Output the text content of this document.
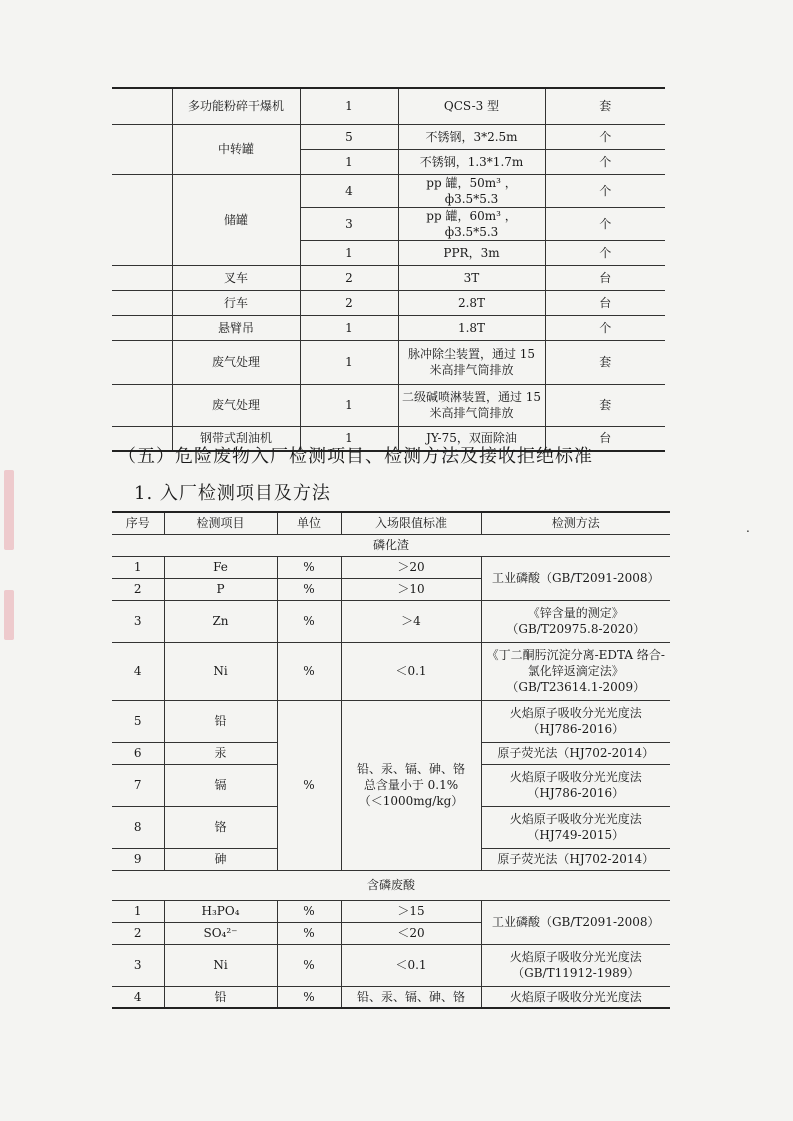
	多功能粉碎干爆机	1	QCS-3 型	套
	中转罐	5	不锈钢，3*2.5m	个
		1	不锈钢，1.3*1.7m	个
	储罐	4	pp 罐，50m³ ，ф3.5*5.3	个
		3	pp 罐，60m³ ，ф3.5*5.3	个
		1	PPR，3m	个
	叉车	2	3T	台
	行车	2	2.8T	台
	悬臂吊	1	1.8T	个
	废气处理	1	脉冲除尘装置，通过 15 米高排气筒排放	套
	废气处理	1	二级碱喷淋装置，通过 15 米高排气筒排放	套
	钢带式刮油机	1	JY-75，双面除油	台
（五）危险废物入厂检测项目、检测方法及接收拒绝标准
1. 入厂检测项目及方法
.
序号	检测项目	单位	入场限值标准	检测方法
磷化渣				
1	Fe	%	＞20	工业磷酸（GB/T2091-2008）
2	P	%	＞10	
3	Zn	%	＞4	《锌含量的测定》（GB/T20975.8-2020）
4	Ni	%	＜0.1	《丁二酮肟沉淀分离-EDTA 络合-氯化锌返滴定法》（GB/T23614.1-2009）
5	铅	%	铅、汞、镉、砷、铬总含量小于 0.1%（＜1000mg/kg）	火焰原子吸收分光光度法（HJ786-2016）
6	汞			原子荧光法（HJ702-2014）
7	镉			火焰原子吸收分光光度法（HJ786-2016）
8	铬			火焰原子吸收分光光度法（HJ749-2015）
9	砷			原子荧光法（HJ702-2014）
含磷废酸				
1	H₃PO₄	%	＞15	工业磷酸（GB/T2091-2008）
2	SO₄²⁻	%	＜20	
3	Ni	%	＜0.1	火焰原子吸收分光光度法（GB/T11912-1989）
4	铅	%	铅、汞、镉、砷、铬	火焰原子吸收分光光度法
